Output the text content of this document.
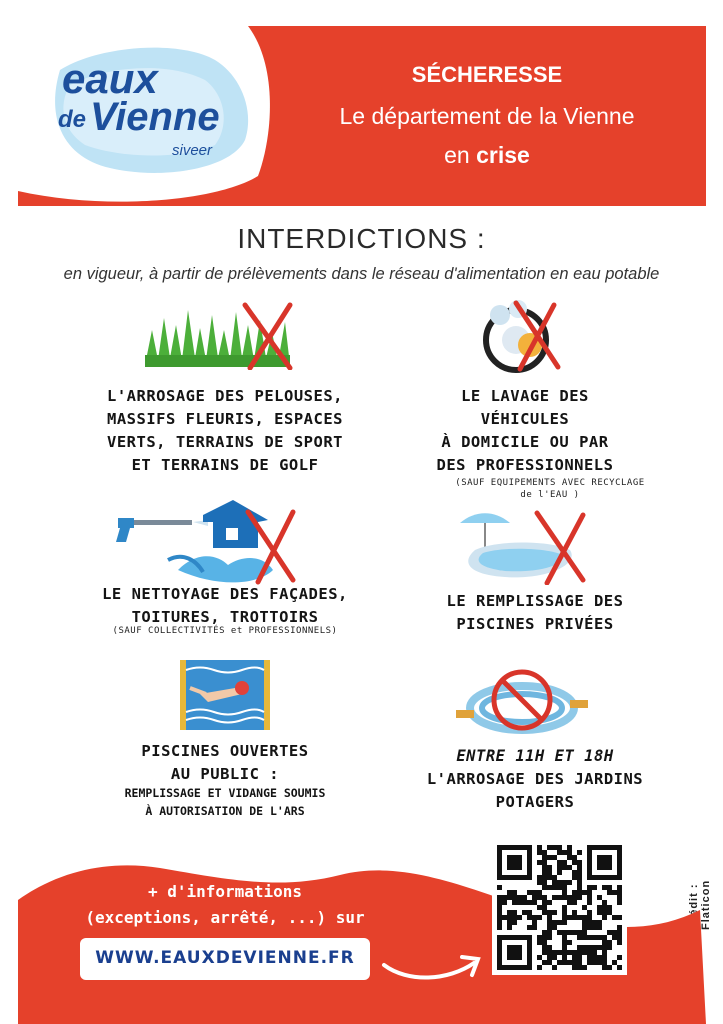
eaux
de Vienne
siveer
SÉCHERESSE
Le département de la Vienne
en crise
INTERDICTIONS :
en vigueur, à partir de prélèvements dans le réseau d'alimentation en eau potable
L'ARROSAGE DES PELOUSES,
MASSIFS FLEURIS, ESPACES
VERTS, TERRAINS DE SPORT
ET TERRAINS DE GOLF
LE LAVAGE DES
VÉHICULES
À DOMICILE OU PAR
DES PROFESSIONNELS
(SAUF EQUIPEMENTS AVEC RECYCLAGE
de l'EAU )
LE NETTOYAGE DES FAÇADES,
TOITURES, TROTTOIRS
(SAUF COLLECTIVITÉS et PROFESSIONNELS)
LE REMPLISSAGE DES
PISCINES PRIVÉES
PISCINES OUVERTES
AU PUBLIC :
REMPLISSAGE ET VIDANGE SOUMIS
À AUTORISATION DE L'ARS
ENTRE 11H ET 18H
L'ARROSAGE DES JARDINS
POTAGERS
Crédit : Flaticon
+ d'informations
(exceptions, arrêté, ...) sur
WWW.EAUXDEVIENNE.FR
